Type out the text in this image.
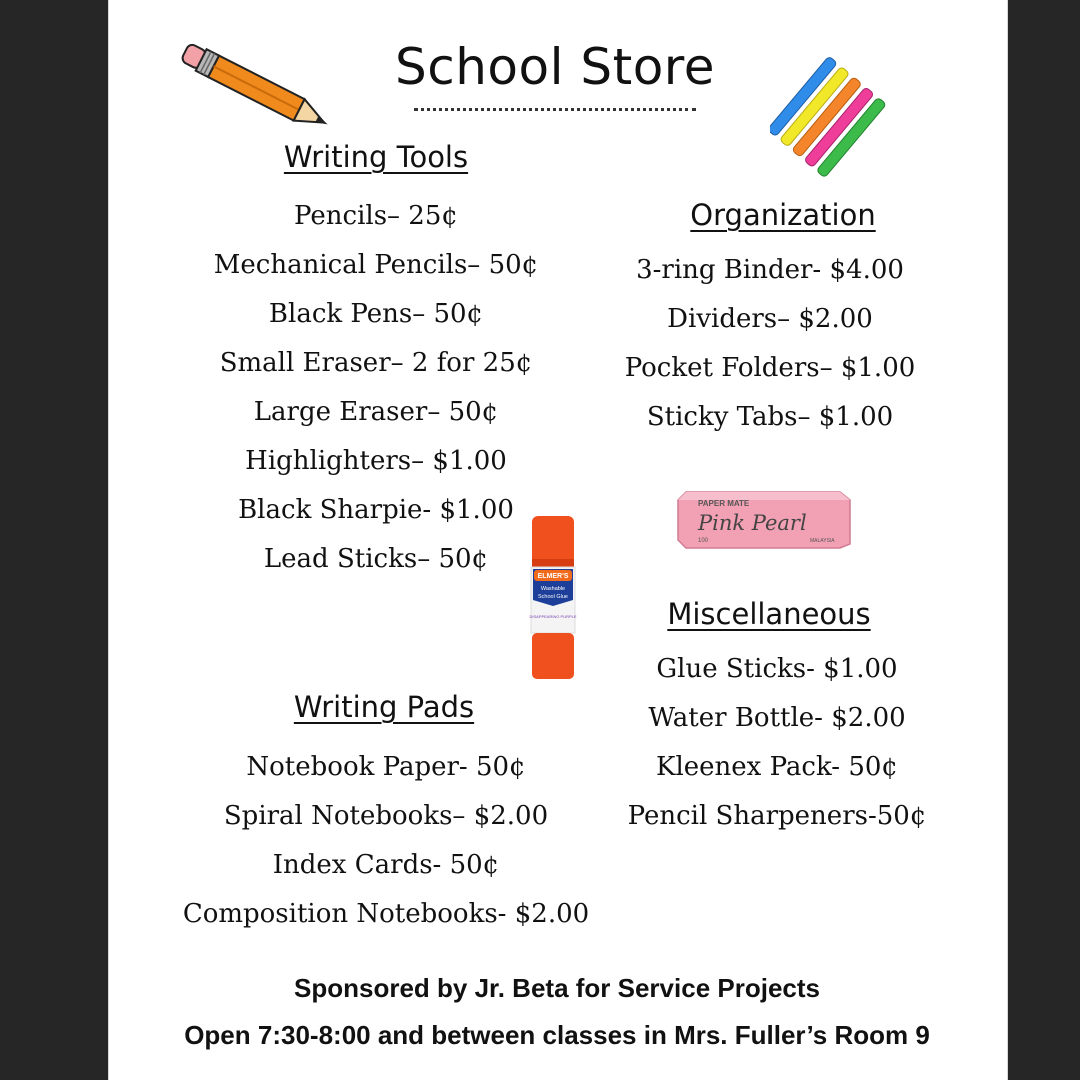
School Store
Writing Tools
Pencils– 25¢
Mechanical Pencils– 50¢
Black Pens– 50¢
Small Eraser– 2 for 25¢
Large Eraser– 50¢
Highlighters– $1.00
Black Sharpie- $1.00
Lead Sticks– 50¢
Organization
3-ring Binder- $4.00
Dividers– $2.00
Pocket Folders– $1.00
Sticky Tabs– $1.00
PAPER MATE
Pink Pearl
100	MALAYSIA
ELMER'S
Washable
School Glue
DISAPPEARING PURPLE	Miscellaneous
Glue Sticks- $1.00
Water Bottle- $2.00
Kleenex Pack- 50¢
Pencil Sharpeners-50¢
Writing Pads
Notebook Paper- 50¢
Spiral Notebooks– $2.00
Index Cards- 50¢
Composition Notebooks- $2.00
Sponsored by Jr. Beta for Service Projects
Open 7:30-8:00 and between classes in Mrs. Fuller’s Room 9
